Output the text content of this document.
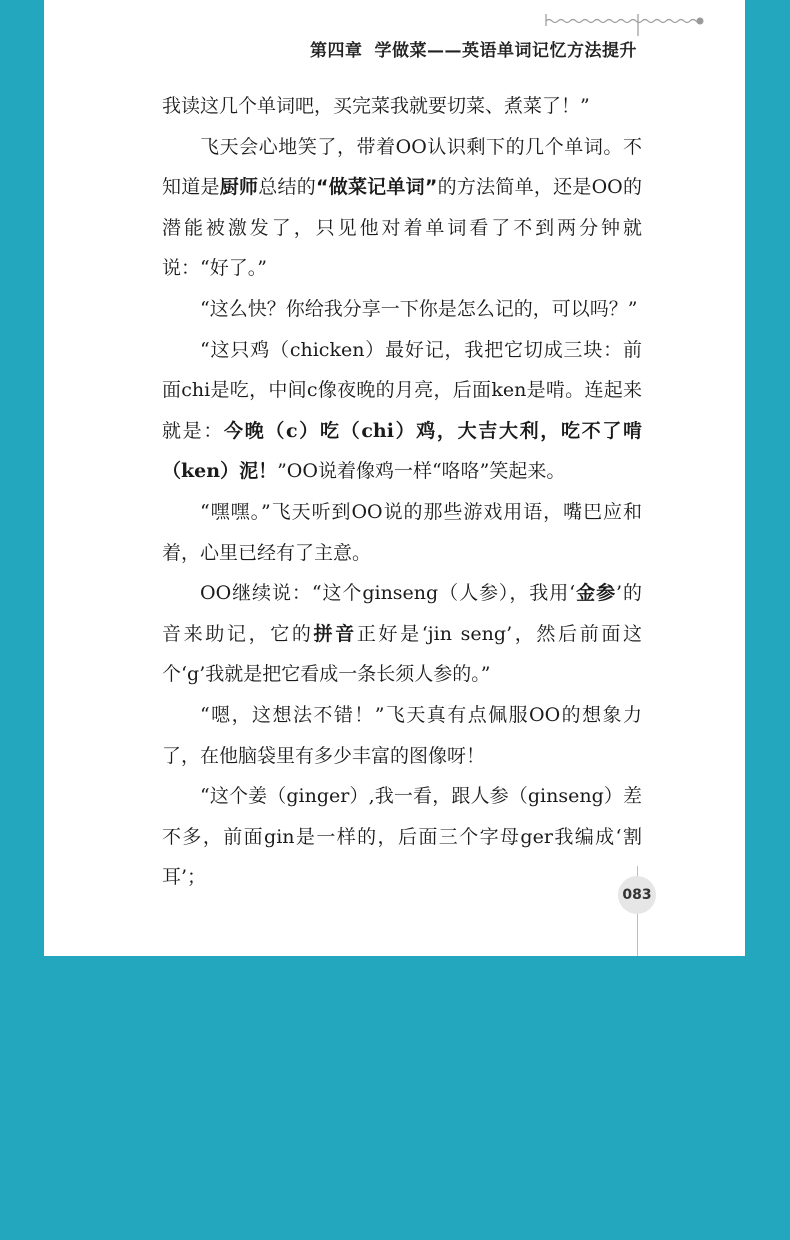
第四章 学做菜——英语单词记忆方法提升

我读这几个单词吧，买完菜我就要切菜、煮菜了！”

飞天会心地笑了，带着OO认识剩下的几个单词。不知道是厨师总结的“做菜记单词”的方法简单，还是OO的潜能被激发了，只见他对着单词看了不到两分钟就说：“好了。”

“这么快？你给我分享一下你是怎么记的，可以吗？”

“这只鸡（chicken）最好记，我把它切成三块：前面chi是吃，中间c像夜晚的月亮，后面ken是啃。连起来就是：今晚（c）吃（chi）鸡，大吉大利，吃不了啃（ken）泥！”OO说着像鸡一样“咯咯”笑起来。

“嘿嘿。”飞天听到OO说的那些游戏用语，嘴巴应和着，心里已经有了主意。

OO继续说：“这个ginseng（人参），我用‘金参’的音来助记，它的拼音正好是‘jin seng’，然后前面这个‘g’我就是把它看成一条长须人参的。”

“嗯，这想法不错！”飞天真有点佩服OO的想象力了，在他脑袋里有多少丰富的图像呀！

“这个姜（ginger）,我一看，跟人参（ginseng）差不多，前面gin是一样的，后面三个字母ger我编成‘割耳’；

083
